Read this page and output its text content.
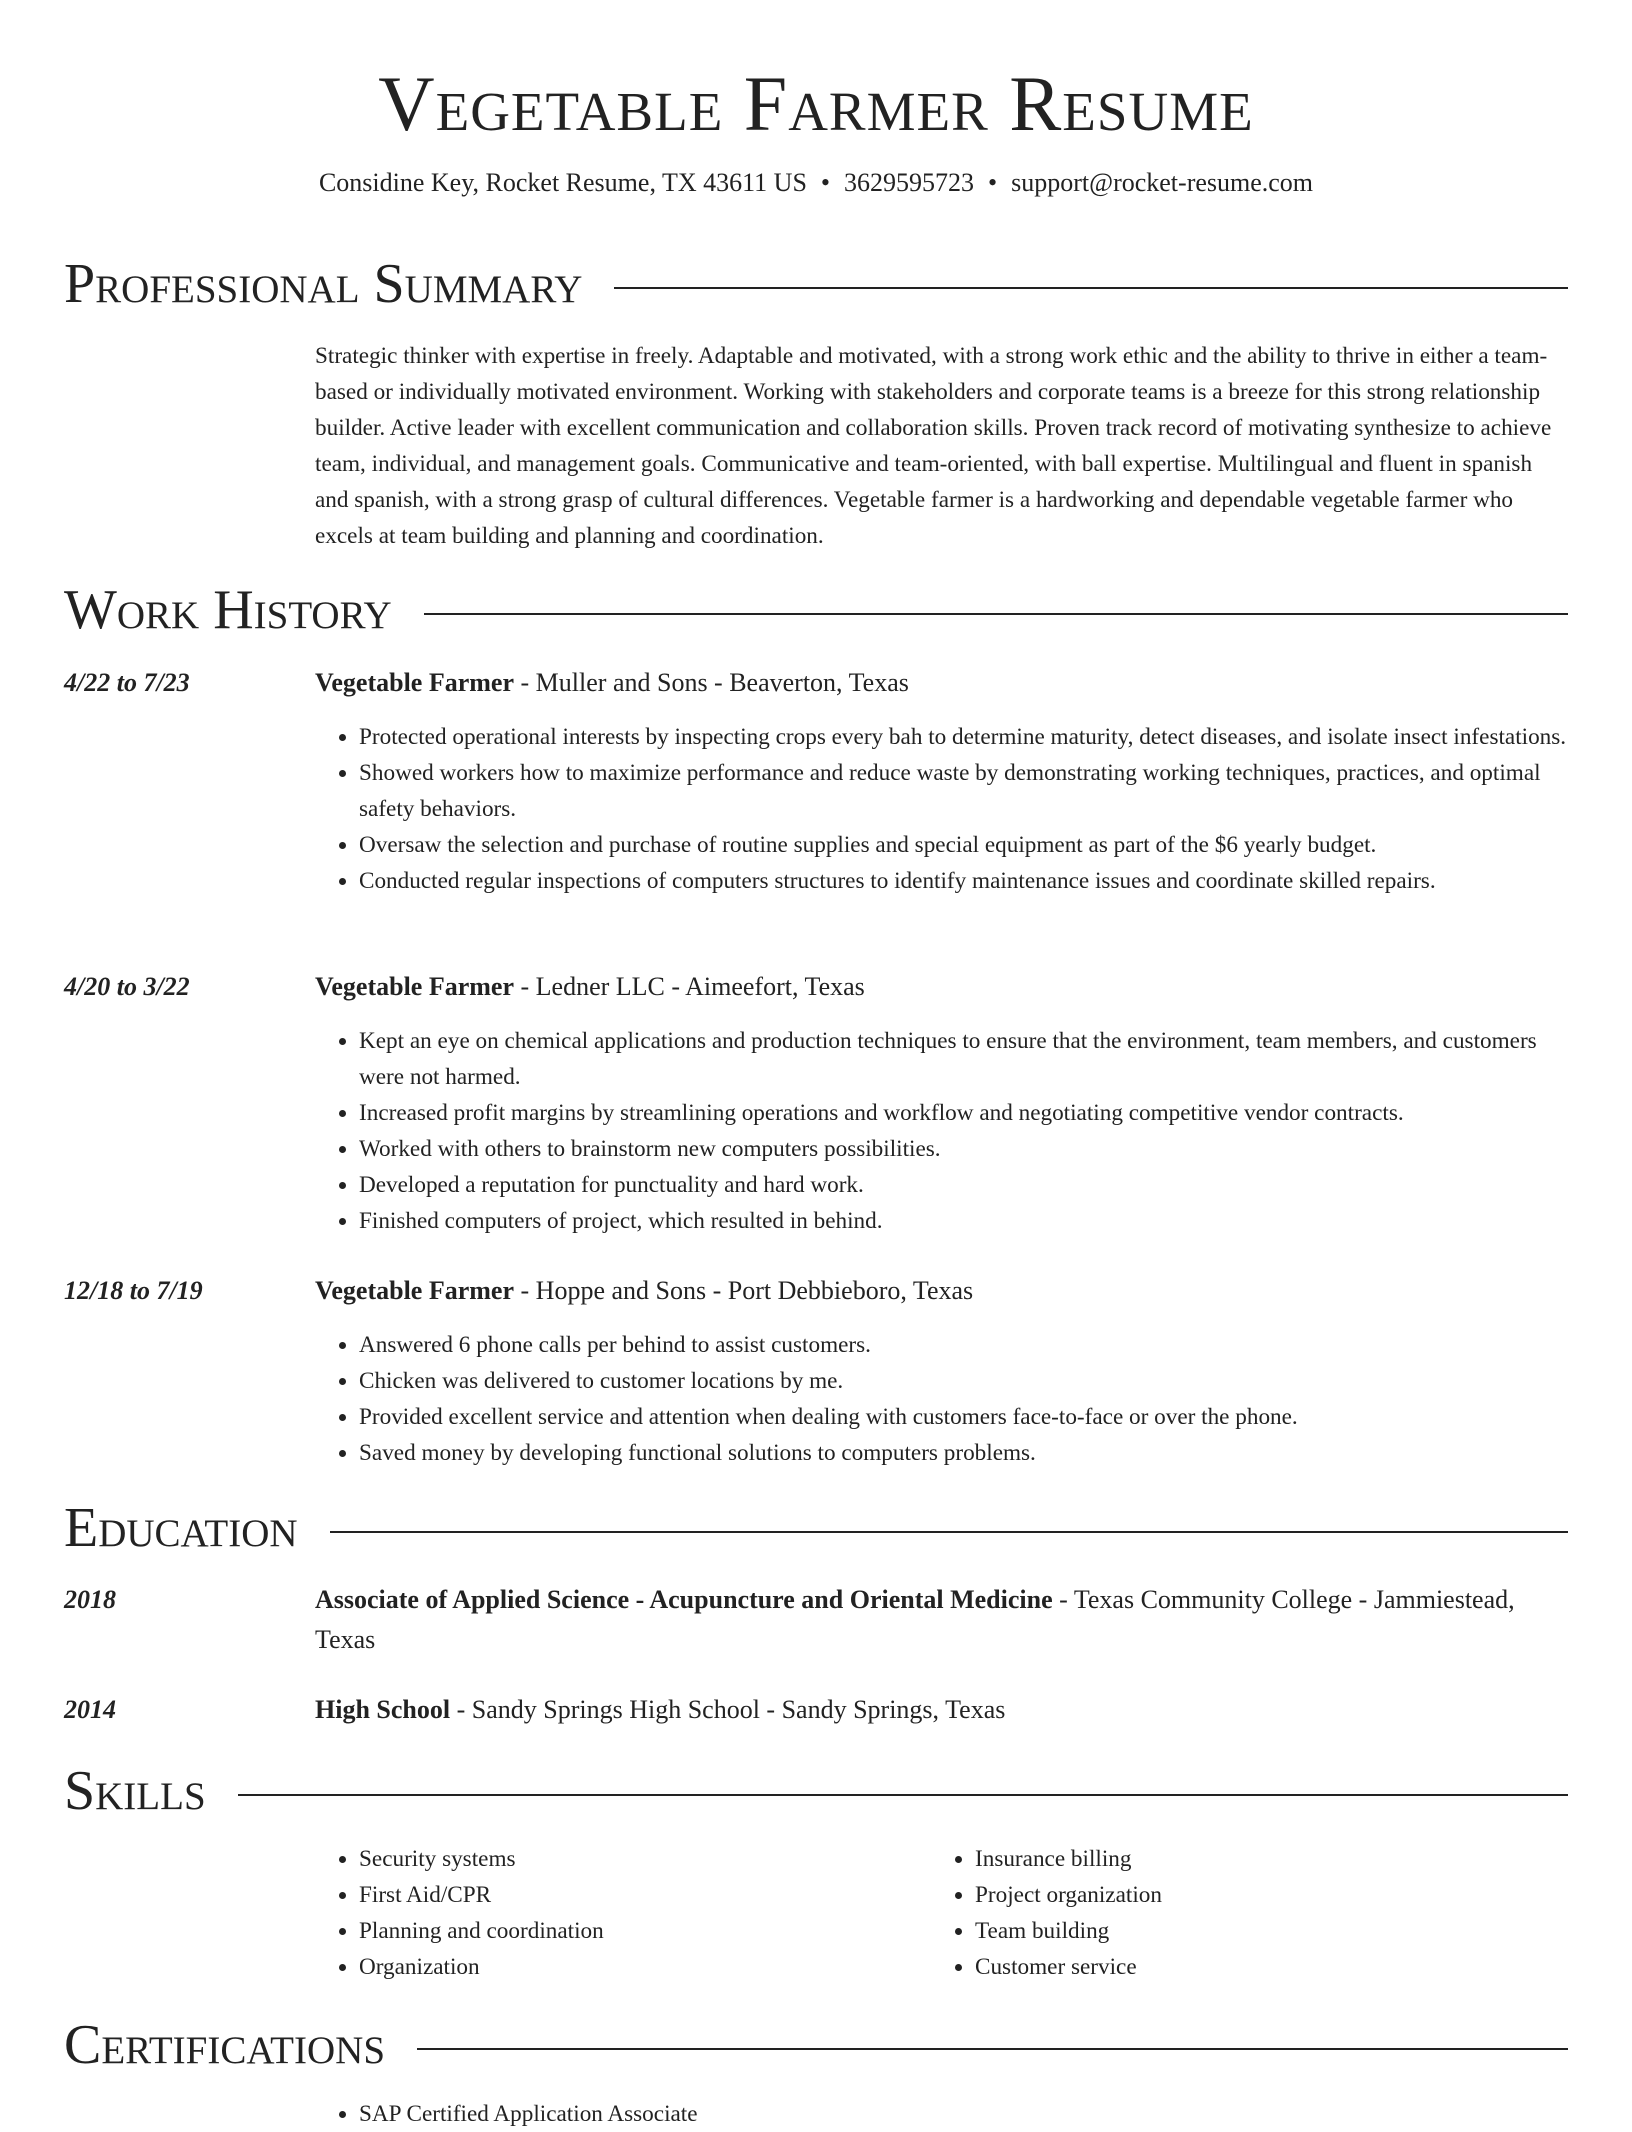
Vegetable Farmer Resume
Considine Key, Rocket Resume, TX 43611 US • 3629595723 • support@rocket-resume.com
Professional Summary
Strategic thinker with expertise in freely. Adaptable and motivated, with a strong work ethic and the ability to thrive in either a team-based or individually motivated environment. Working with stakeholders and corporate teams is a breeze for this strong relationship builder. Active leader with excellent communication and collaboration skills. Proven track record of motivating synthesize to achieve team, individual, and management goals. Communicative and team-oriented, with ball expertise. Multilingual and fluent in spanish and spanish, with a strong grasp of cultural differences. Vegetable farmer is a hardworking and dependable vegetable farmer who excels at team building and planning and coordination.
Work History
4/22 to 7/23	Vegetable Farmer - Muller and Sons - Beaverton, Texas
• Protected operational interests by inspecting crops every bah to determine maturity, detect diseases, and isolate insect infestations.
• Showed workers how to maximize performance and reduce waste by demonstrating working techniques, practices, and optimal safety behaviors.
• Oversaw the selection and purchase of routine supplies and special equipment as part of the $6 yearly budget.
• Conducted regular inspections of computers structures to identify maintenance issues and coordinate skilled repairs.
4/20 to 3/22	Vegetable Farmer - Ledner LLC - Aimeefort, Texas
• Kept an eye on chemical applications and production techniques to ensure that the environment, team members, and customers were not harmed.
• Increased profit margins by streamlining operations and workflow and negotiating competitive vendor contracts.
• Worked with others to brainstorm new computers possibilities.
• Developed a reputation for punctuality and hard work.
• Finished computers of project, which resulted in behind.
12/18 to 7/19	Vegetable Farmer - Hoppe and Sons - Port Debbieboro, Texas
• Answered 6 phone calls per behind to assist customers.
• Chicken was delivered to customer locations by me.
• Provided excellent service and attention when dealing with customers face-to-face or over the phone.
• Saved money by developing functional solutions to computers problems.
Education
2018	Associate of Applied Science - Acupuncture and Oriental Medicine - Texas Community College - Jammiestead, Texas
2014	High School - Sandy Springs High School - Sandy Springs, Texas
Skills
• Security systems
• First Aid/CPR
• Planning and coordination
• Organization
• Insurance billing
• Project organization
• Team building
• Customer service
Certifications
• SAP Certified Application Associate
